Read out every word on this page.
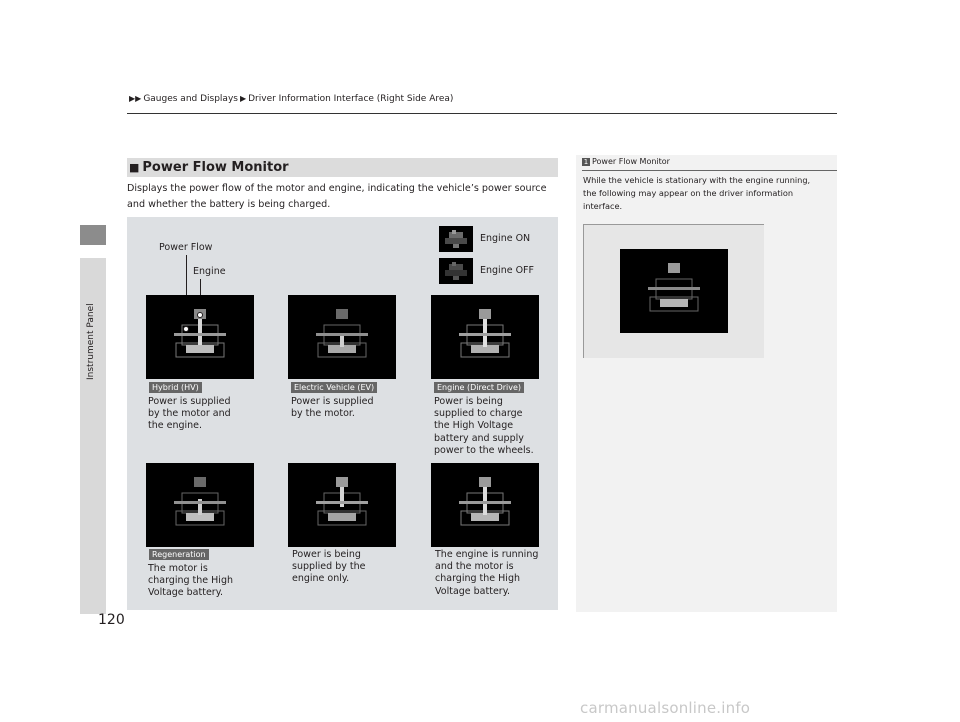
▶▶ Gauges and Displays ▶ Driver Information Interface (Right Side Area)
Instrument Panel
120
■ Power Flow Monitor
Displays the power flow of the motor and engine, indicating the vehicle’s power source and whether the battery is being charged.
Engine ON
Engine OFF
Power Flow
Engine
Hybrid (HV)	Electric Vehicle (EV)	Engine (Direct Drive)
Power is supplied
by the motor and
the engine.
Power is supplied
by the motor.
Power is being
supplied to charge
the High Voltage
battery and supply
power to the wheels.
Regeneration
The motor is
charging the High
Voltage battery.
Power is being
supplied by the
engine only.
The engine is running
and the motor is
charging the High
Voltage battery.
1 Power Flow Monitor
While the vehicle is stationary with the engine running, the following may appear on the driver information interface.
carmanualsonline.info
